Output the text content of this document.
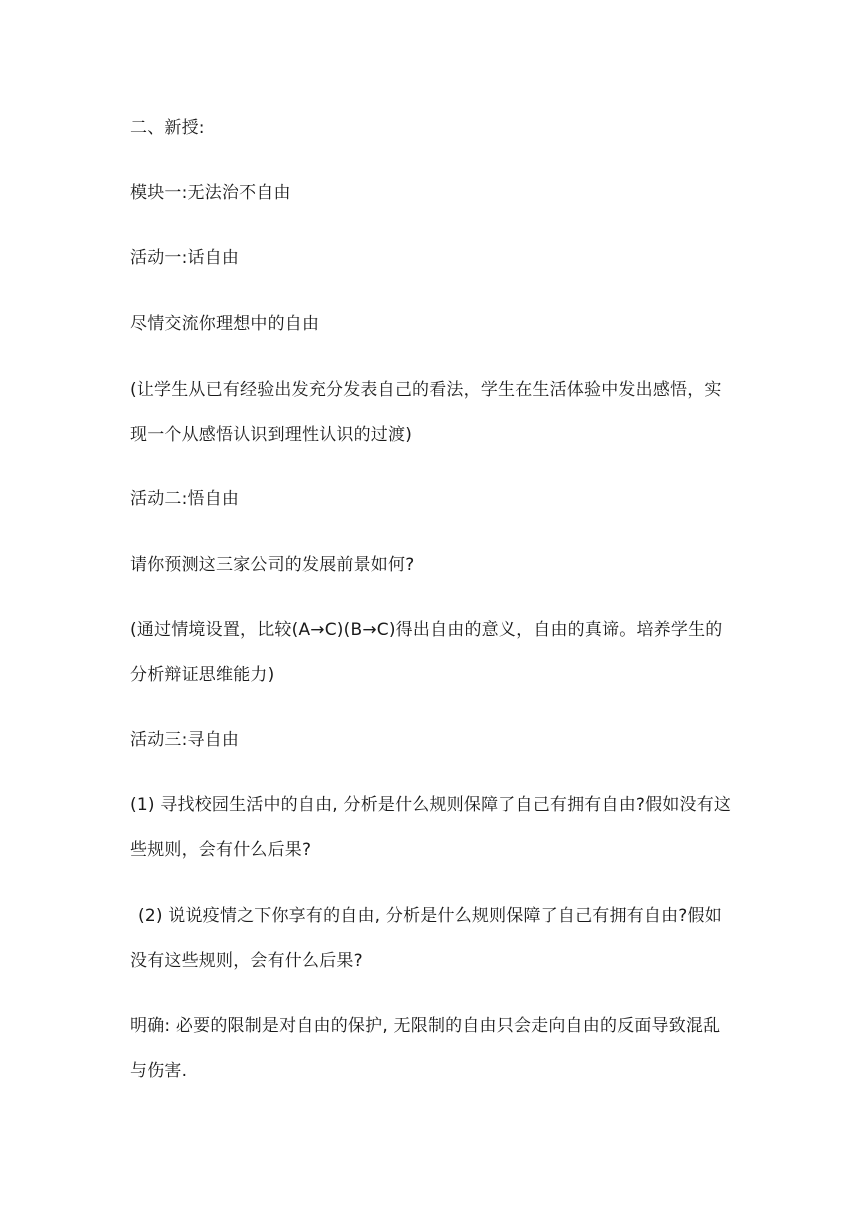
二、新授:
模块一:无法治不自由
活动一:话自由
尽情交流你理想中的自由
(让学生从已有经验出发充分发表自己的看法，学生在生活体验中发出感悟，实
现一个从感悟认识到理性认识的过渡)
活动二:悟自由
请你预测这三家公司的发展前景如何?
(通过情境设置，比较(A→C)(B→C)得出自由的意义，自由的真谛。培养学生的
分析辩证思维能力)
活动三:寻自由
(1) 寻找校园生活中的自由, 分析是什么规则保障了自己有拥有自由?假如没有这
些规则，会有什么后果?
(2) 说说疫情之下你享有的自由, 分析是什么规则保障了自己有拥有自由?假如
没有这些规则，会有什么后果?
明确: 必要的限制是对自由的保护, 无限制的自由只会走向自由的反面导致混乱
与伤害.
